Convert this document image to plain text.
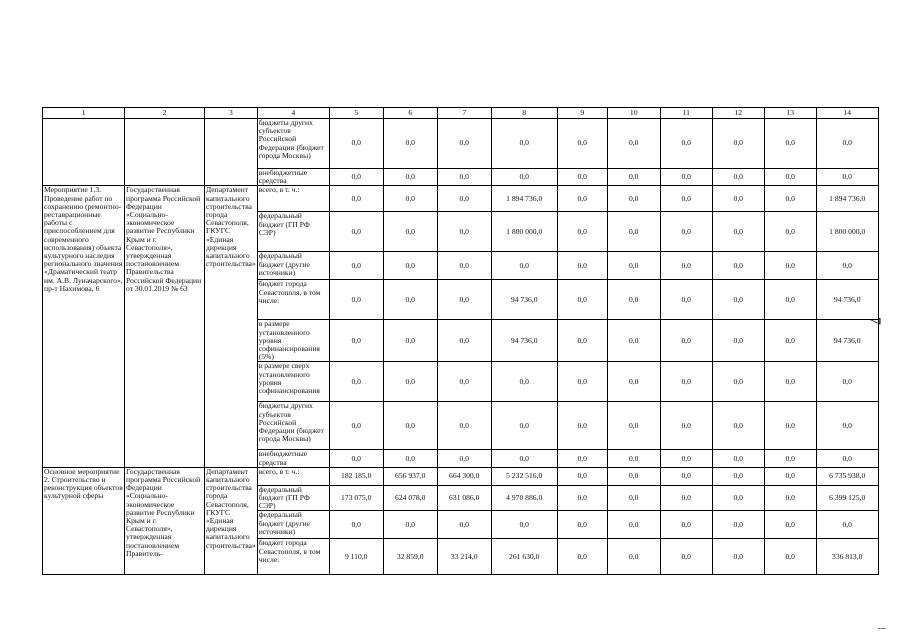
1	2	3	4	5	6	7	8	9	10	11	12	13	14
			бюджеты других субъектов Российской Федерации (бюджет города Москвы)	0,0	0,0	0,0	0,0	0,0	0,0	0,0	0,0	0,0	0,0
			внебюджетные средства	0,0	0,0	0,0	0,0	0,0	0,0	0,0	0,0	0,0	0,0
Мероприятие 1.3. Проведение работ по сохранению (ремонтно-реставрационные работы с приспособлением для современного использования) объекта культурного наследия регионального значения «Драматический театр им. А.В. Луначарского», пр-т Нахимова, 6	Государственная программа Российской Федерации «Социально-экономическое развитие Республики Крым и г. Севастополя», утвержденная постановлением Правительства Российской Федерации от 30.01.2019 № 63	Департамент капитального строительства города Севастополя, ГКУГС «Единая дирекция капитального строительства»	всего, в т. ч.:	0,0	0,0	0,0	1 894 736,0	0,0	0,0	0,0	0,0	0,0	1 894 736,0
			федеральный бюджет (ГП РФ СЭР)	0,0	0,0	0,0	1 800 000,0	0,0	0,0	0,0	0,0	0,0	1 800 000,0
			федеральный бюджет (другие источники)	0,0	0,0	0,0	0,0	0,0	0,0	0,0	0,0	0,0	0,0
			бюджет города Севастополя, в том числе:	0,0	0,0	0,0	94 736,0	0,0	0,0	0,0	0,0	0,0	94 736,0
			в размере установленного уровня софинансирования (5%)	0,0	0,0	0,0	94 736,0	0,0	0,0	0,0	0,0	0,0	94 736,0
			в размере сверх установленного уровня софинансирования	0,0	0,0	0,0	0,0	0,0	0,0	0,0	0,0	0,0	0,0
			бюджеты других субъектов Российской Федерации (бюджет города Москвы)	0,0	0,0	0,0	0,0	0,0	0,0	0,0	0,0	0,0	0,0
			внебюджетные средства	0,0	0,0	0,0	0,0	0,0	0,0	0,0	0,0	0,0	0,0
Основное мероприятие 2. Строительство и реконструкция объектов культурной сферы	Государственная программа Российской Федерации «Социально-экономическое развитие Республики Крым и г. Севастополя», утвержденная постановлением Правитель-	Департамент капитального строительства города Севастополя, ГКУГС «Единая дирекция капитального строительства»	всего, в т. ч.:	182 185,0	656 937,0	664 300,0	5 232 516,0	0,0	0,0	0,0	0,0	0,0	6 735 938,0
			федеральный бюджет (ГП РФ СЭР)	173 075,0	624 078,0	631 086,0	4 970 886,0	0,0	0,0	0,0	0,0	0,0	6 399 125,0
			федеральный бюджет (другие источники)	0,0	0,0	0,0	0,0	0,0	0,0	0,0	0,0	0,0	0,0
			бюджет города Севастополя, в том числе:	9 110,0	32 859,0	33 214,0	261 630,0	0,0	0,0	0,0	0,0	0,0	336 813,0
7
